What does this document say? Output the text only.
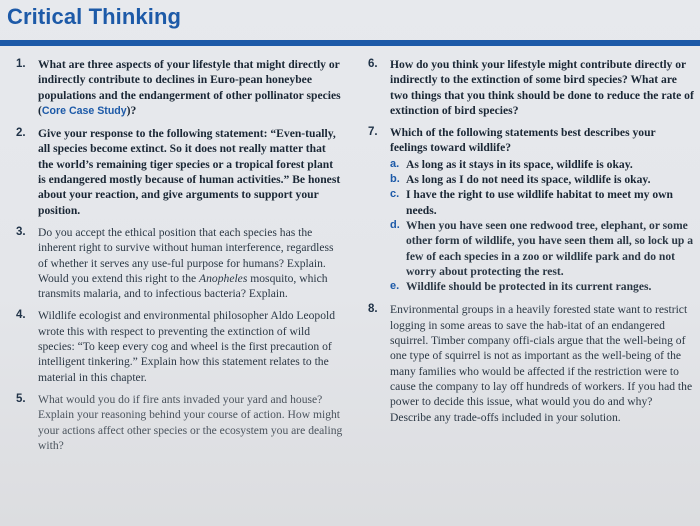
Critical Thinking
1. What are three aspects of your lifestyle that might directly or indirectly contribute to declines in Euro-pean honeybee populations and the endangerment of other pollinator species (Core Case Study)?
2. Give your response to the following statement: “Even-tually, all species become extinct. So it does not really matter that the world’s remaining tiger species or a tropical forest plant is endangered mostly because of human activities.” Be honest about your reaction, and give arguments to support your position.
3. Do you accept the ethical position that each species has the inherent right to survive without human interference, regardless of whether it serves any use-ful purpose for humans? Explain. Would you extend this right to the Anopheles mosquito, which transmits malaria, and to infectious bacteria? Explain.
4. Wildlife ecologist and environmental philosopher Aldo Leopold wrote this with respect to preventing the extinction of wild species: “To keep every cog and wheel is the first precaution of intelligent tinkering.” Explain how this statement relates to the material in this chapter.
5. What would you do if fire ants invaded your yard and house? Explain your reasoning behind your course of action. How might your actions affect other species or the ecosystem you are dealing with?
6. How do you think your lifestyle might contribute directly or indirectly to the extinction of some bird species? What are two things that you think should be done to reduce the rate of extinction of bird species?
7. Which of the following statements best describes your feelings toward wildlife?
a. As long as it stays in its space, wildlife is okay.
b. As long as I do not need its space, wildlife is okay.
c. I have the right to use wildlife habitat to meet my own needs.
d. When you have seen one redwood tree, elephant, or some other form of wildlife, you have seen them all, so lock up a few of each species in a zoo or wildlife park and do not worry about protecting the rest.
e. Wildlife should be protected in its current ranges.
8. Environmental groups in a heavily forested state want to restrict logging in some areas to save the hab-itat of an endangered squirrel. Timber company offi-cials argue that the well-being of one type of squirrel is not as important as the well-being of the many families who would be affected if the restriction were to cause the company to lay off hundreds of workers. If you had the power to decide this issue, what would you do and why? Describe any trade-offs included in your solution.
